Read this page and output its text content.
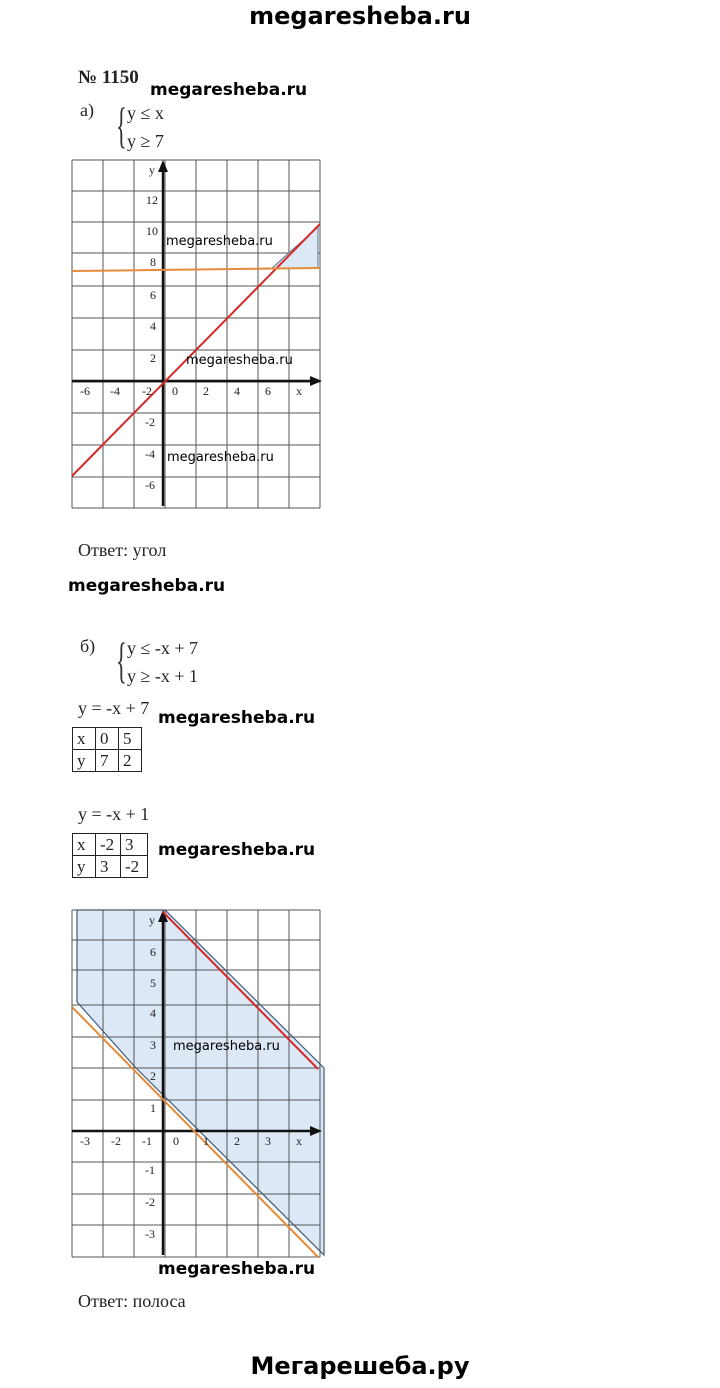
megaresheba.ru
Мегарешеба.ру
№ 1150
megaresheba.ru
а) { y ≤ x
y ≥ 7
-6 -4 -2 0 2 4 6 x
y
12
10
8
6
4
2
-2
-4
-6
megaresheba.ru
megaresheba.ru
megaresheba.ru
Ответ: угол
megaresheba.ru
б) { y ≤ -x + 7
y ≥ -x + 1
y = -x + 7 megaresheba.ru
x	0	5
y	7	2
y = -x + 1
x	-2	3
y	3	-2
megaresheba.ru
-3 -2 -1 0 1 2 3 x
y
6
5
4
3
2
1
-1
-2
-3
megaresheba.ru
megaresheba.ru
Ответ: полоса
